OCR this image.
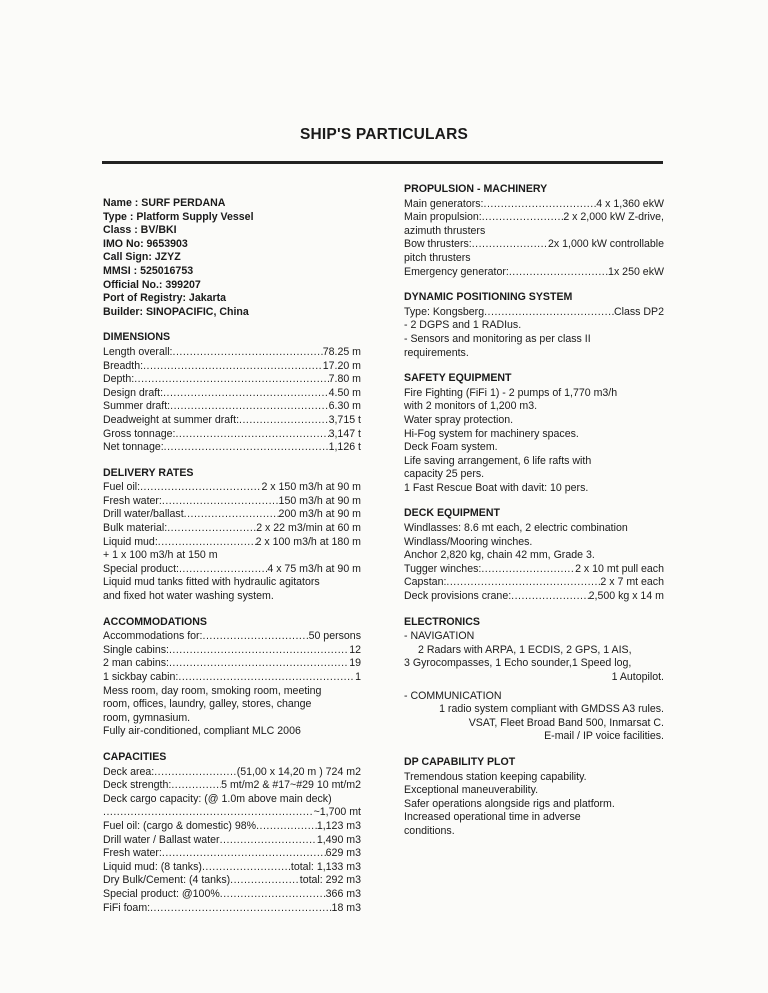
SHIP'S PARTICULARS
Name : SURF PERDANA
Type : Platform Supply Vessel
Class : BV/BKI
IMO No: 9653903
Call Sign: JZYZ
MMSI : 525016753
Official No.: 399207
Port of Registry: Jakarta
Builder: SINOPACIFIC, China
DIMENSIONS
Length overall: .....	78.25 m
Breadth: .....	17.20 m
Depth: .....	7.80 m
Design draft: .....	4.50 m
Summer draft: .....	6.30 m
Deadweight at summer draft: .....	3,715 t
Gross tonnage: .....	3,147 t
Net tonnage: .....	1,126 t
DELIVERY RATES
Fuel oil: .....	2 x 150 m3/h at 90 m
Fresh water: .....	150 m3/h at 90 m
Drill water/ballast .....	200 m3/h at 90 m
Bulk material: .....	2 x 22 m3/min at 60 m
Liquid mud: .....	2 x 100 m3/h at 180 m
+ 1 x 100 m3/h at 150 m
Special product: .....	4 x 75 m3/h at 90 m
Liquid mud tanks fitted with hydraulic agitators
and fixed hot water washing system.
ACCOMMODATIONS
Accommodations for: .....	50 persons
Single cabins: .....	12
2 man cabins: .....	19
1 sickbay cabin: .....	1
Mess room, day room, smoking room, meeting
room, offices, laundry, galley, stores, change
room, gymnasium.
Fully air-conditioned, compliant MLC 2006
CAPACITIES
Deck area: .....	(51,00 x 14,20 m ) 724 m2
Deck strength: .....	5 mt/m2 & #17~#29 10 mt/m2
Deck cargo capacity: (@ 1.0m above main deck)
.....
~1,700 mt
Fuel oil: (cargo & domestic) 98% .....	1,123 m3
Drill water / Ballast water .....	1,490 m3
Fresh water: .....	629 m3
Liquid mud: (8 tanks) .....	total: 1,133 m3
Dry Bulk/Cement: (4 tanks) .....	total: 292 m3
Special product: @100% .....	366 m3
FiFi foam: .....	18 m3
PROPULSION - MACHINERY
Main generators: .....	4 x 1,360 ekW
Main propulsion: .....	2 x 2,000 kW Z-drive,
azimuth thrusters
Bow thrusters: .....	2x 1,000 kW controllable
pitch thrusters
Emergency generator: .....	1x 250 ekW
DYNAMIC POSITIONING SYSTEM
Type: Kongsberg .....	Class DP2
- 2 DGPS and 1 RADIus.
- Sensors and monitoring as per class II
requirements.
SAFETY EQUIPMENT
Fire Fighting (FiFi 1) - 2 pumps of 1,770 m3/h
with 2 monitors of 1,200 m3.
Water spray protection.
Hi-Fog system for machinery spaces.
Deck Foam system.
Life saving arrangement, 6 life rafts with
capacity 25 pers.
1 Fast Rescue Boat with davit: 10 pers.
DECK EQUIPMENT
Windlasses: 8.6 mt each, 2 electric combination
Windlass/Mooring winches.
Anchor 2,820 kg, chain 42 mm, Grade 3.
Tugger winches: .....	2 x 10 mt pull each
Capstan: .....	2 x 7 mt each
Deck provisions crane: .....	2,500 kg x 14 m
ELECTRONICS
- NAVIGATION
2 Radars with ARPA, 1 ECDIS, 2 GPS, 1 AIS,
3 Gyrocompasses, 1 Echo sounder,1 Speed log,
1 Autopilot.
- COMMUNICATION
1 radio system compliant with GMDSS A3 rules.
VSAT, Fleet Broad Band 500, Inmarsat C.
E-mail / IP voice facilities.
DP CAPABILITY PLOT
Tremendous station keeping capability.
Exceptional maneuverability.
Safer operations alongside rigs and platform.
Increased operational time in adverse
conditions.
